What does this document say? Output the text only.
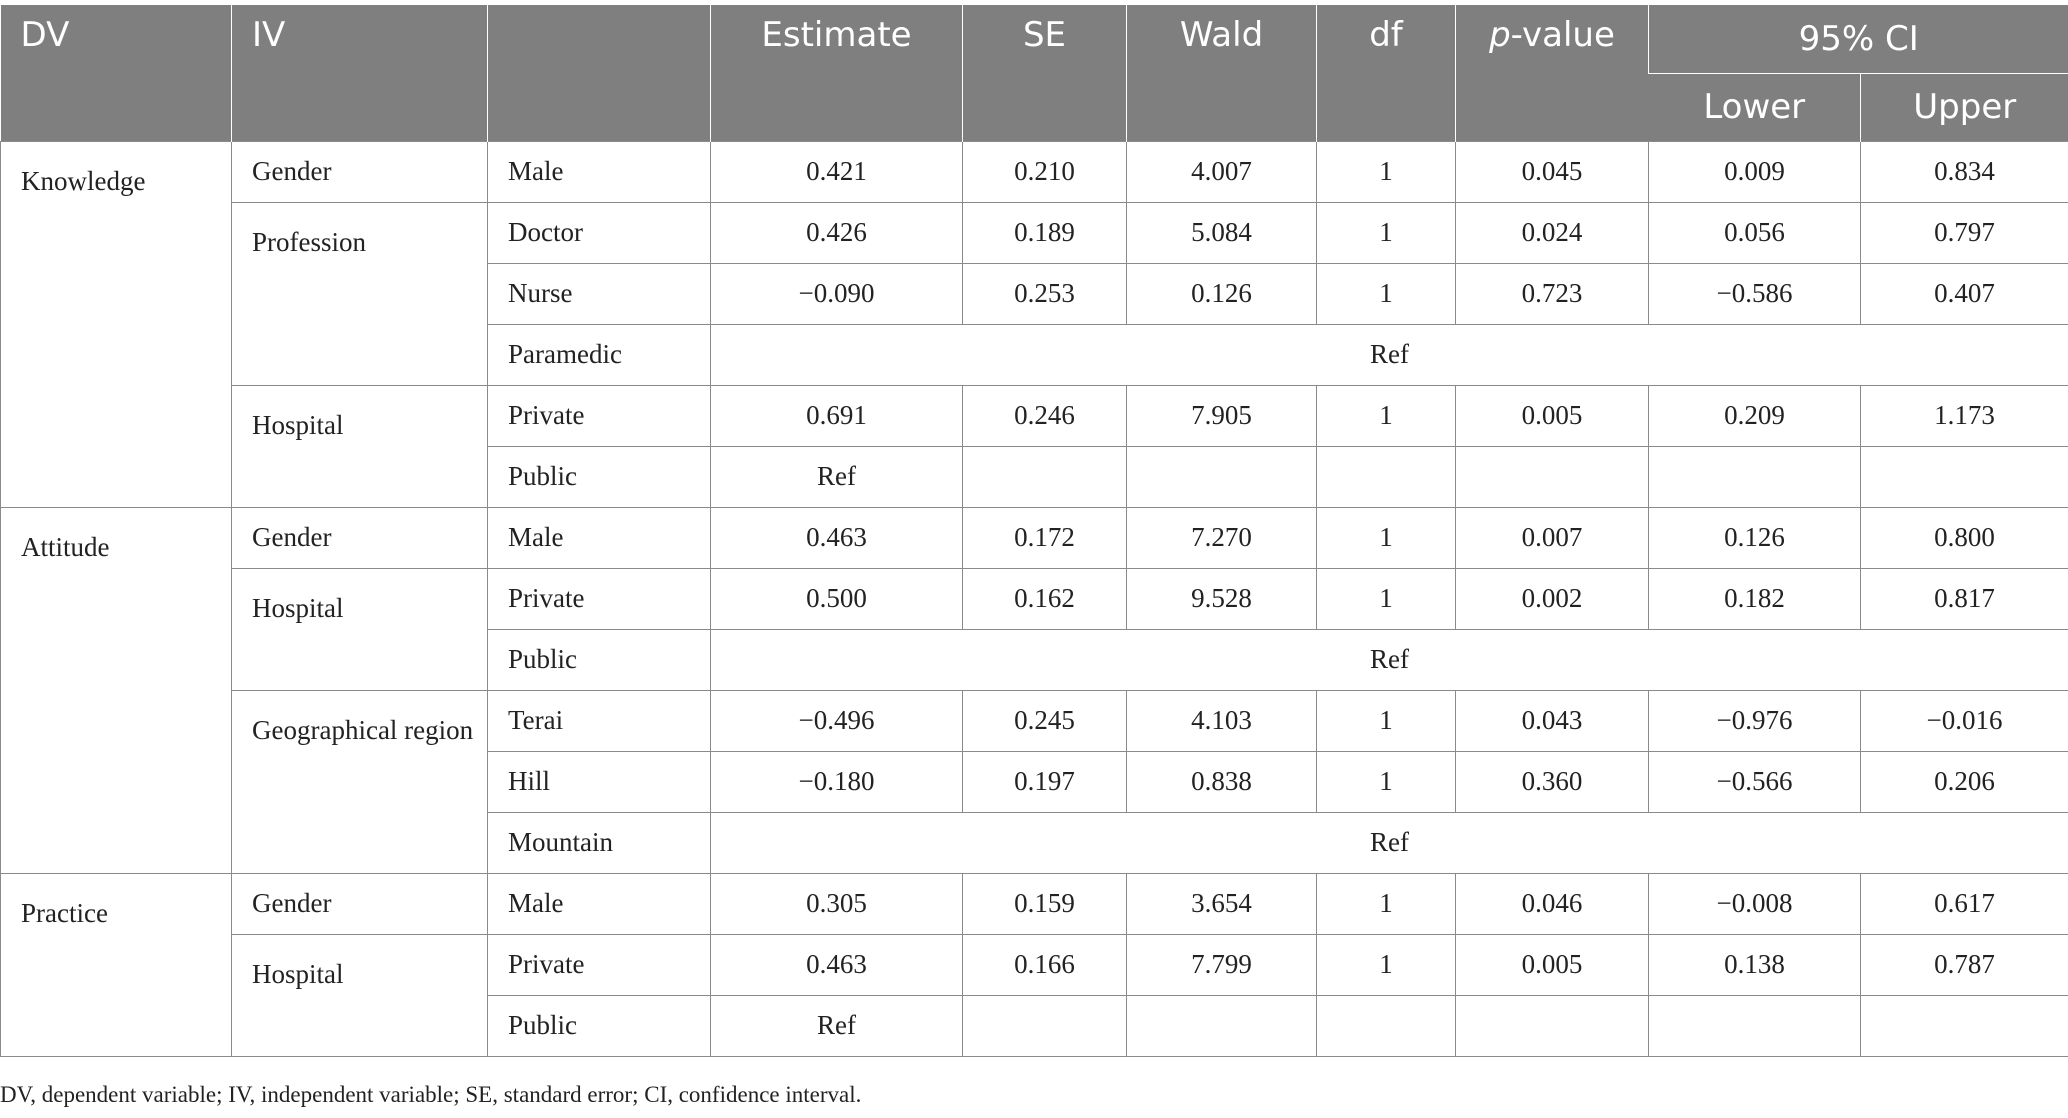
DV	IV		Estimate	SE	Wald	df	p-value	95% CI	
								Lower	Upper
Knowledge	Gender	Male	0.421	0.210	4.007	1	0.045	0.009	0.834
	Profession	Doctor	0.426	0.189	5.084	1	0.024	0.056	0.797
		Nurse	−0.090	0.253	0.126	1	0.723	−0.586	0.407
		Paramedic	Ref						
	Hospital	Private	0.691	0.246	7.905	1	0.005	0.209	1.173
		Public	Ref						
Attitude	Gender	Male	0.463	0.172	7.270	1	0.007	0.126	0.800
	Hospital	Private	0.500	0.162	9.528	1	0.002	0.182	0.817
		Public	Ref						
	Geographical region	Terai	−0.496	0.245	4.103	1	0.043	−0.976	−0.016
		Hill	−0.180	0.197	0.838	1	0.360	−0.566	0.206
		Mountain	Ref						
Practice	Gender	Male	0.305	0.159	3.654	1	0.046	−0.008	0.617
	Hospital	Private	0.463	0.166	7.799	1	0.005	0.138	0.787
		Public	Ref						
DV, dependent variable; IV, independent variable; SE, standard error; CI, confidence interval.
